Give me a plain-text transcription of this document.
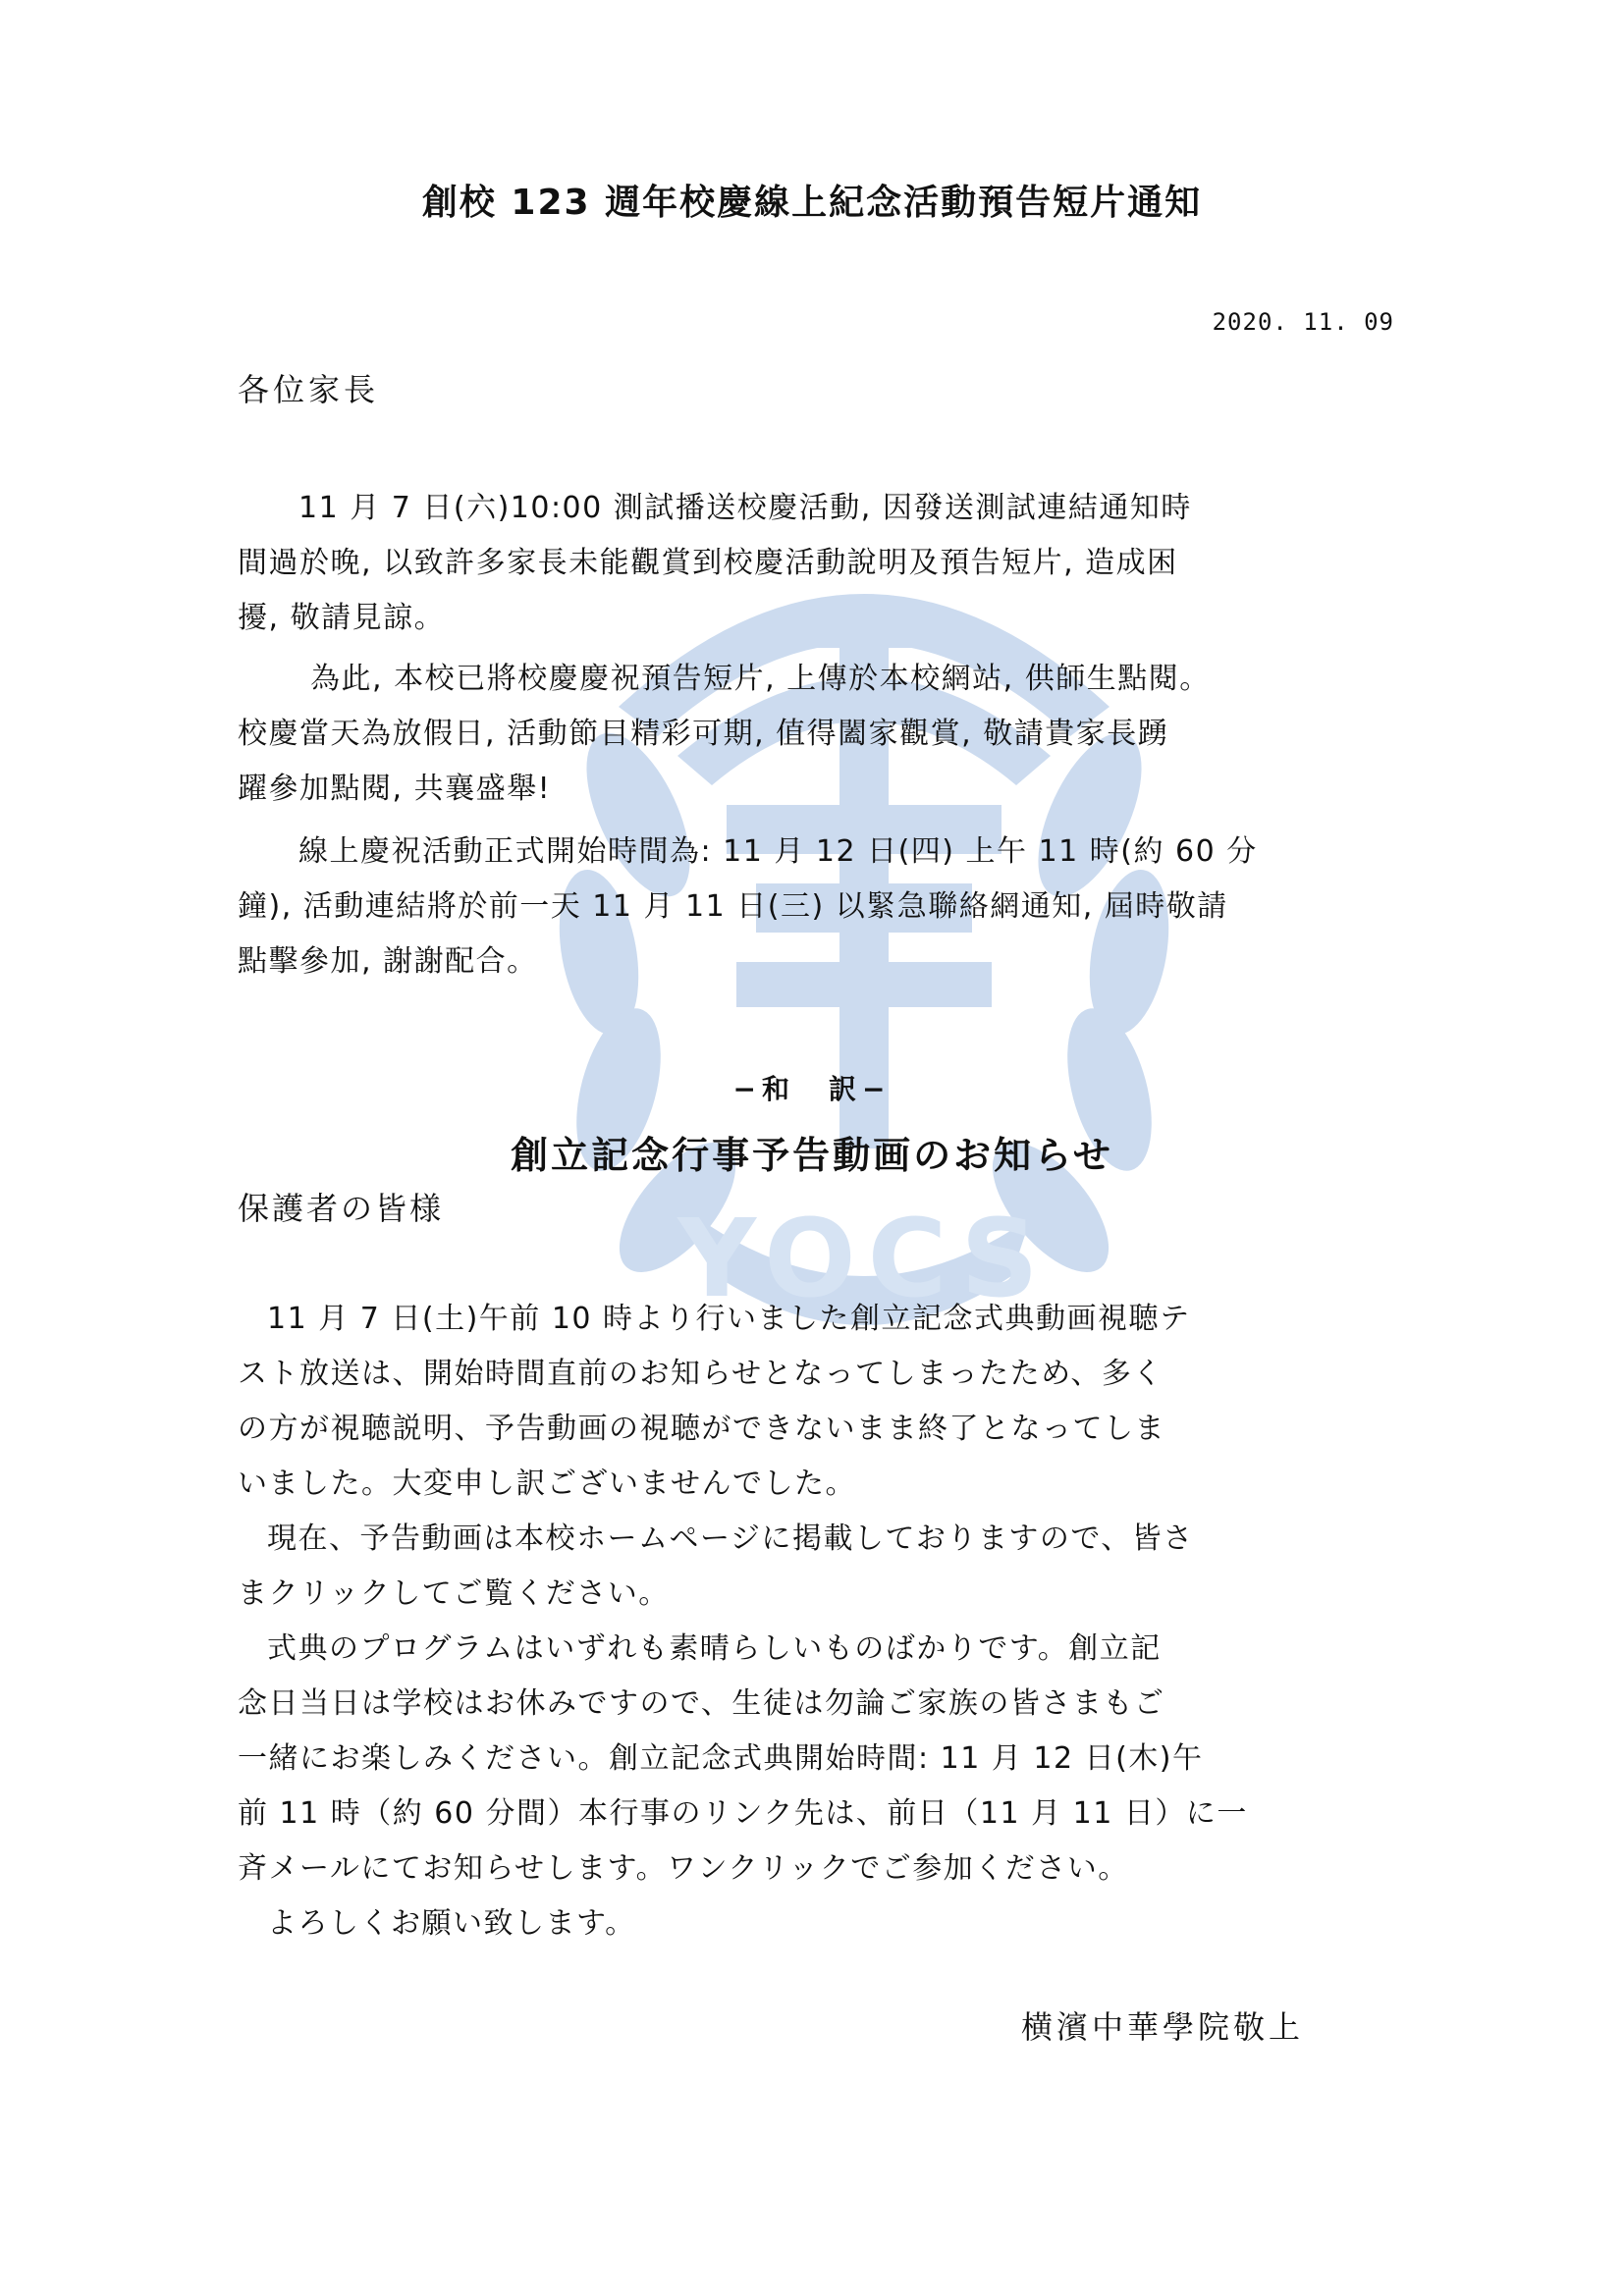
YOCS
創校 123 週年校慶線上紀念活動預告短片通知
2020. 11. 09
各位家長
11 月 7 日(六)10:00 測試播送校慶活動, 因發送測試連結通知時
間過於晚, 以致許多家長未能觀賞到校慶活動說明及預告短片, 造成困
擾, 敬請見諒。
為此, 本校已將校慶慶祝預告短片, 上傳於本校網站, 供師生點閱。
校慶當天為放假日, 活動節目精彩可期, 值得闔家觀賞, 敬請貴家長踴
躍參加點閱, 共襄盛舉!
線上慶祝活動正式開始時間為: 11 月 12 日(四) 上午 11 時(約 60 分
鐘), 活動連結將於前一天 11 月 11 日(三) 以緊急聯絡網通知, 屆時敬請
點擊參加, 謝謝配合。
−和　訳−
創立記念行事予告動画のお知らせ
保護者の皆様
11 月 7 日(土)午前 10 時より行いました創立記念式典動画視聴テ
スト放送は、開始時間直前のお知らせとなってしまったため、多く
の方が視聴説明、予告動画の視聴ができないまま終了となってしま
いました。大変申し訳ございませんでした。
現在、予告動画は本校ホームページに掲載しておりますので、皆さ
まクリックしてご覧ください。
式典のプログラムはいずれも素晴らしいものばかりです。創立記
念日当日は学校はお休みですので、生徒は勿論ご家族の皆さまもご
一緒にお楽しみください。創立記念式典開始時間: 11 月 12 日(木)午
前 11 時（約 60 分間）本行事のリンク先は、前日（11 月 11 日）に一
斉メールにてお知らせします。ワンクリックでご参加ください。
よろしくお願い致します。
横濱中華學院敬上
